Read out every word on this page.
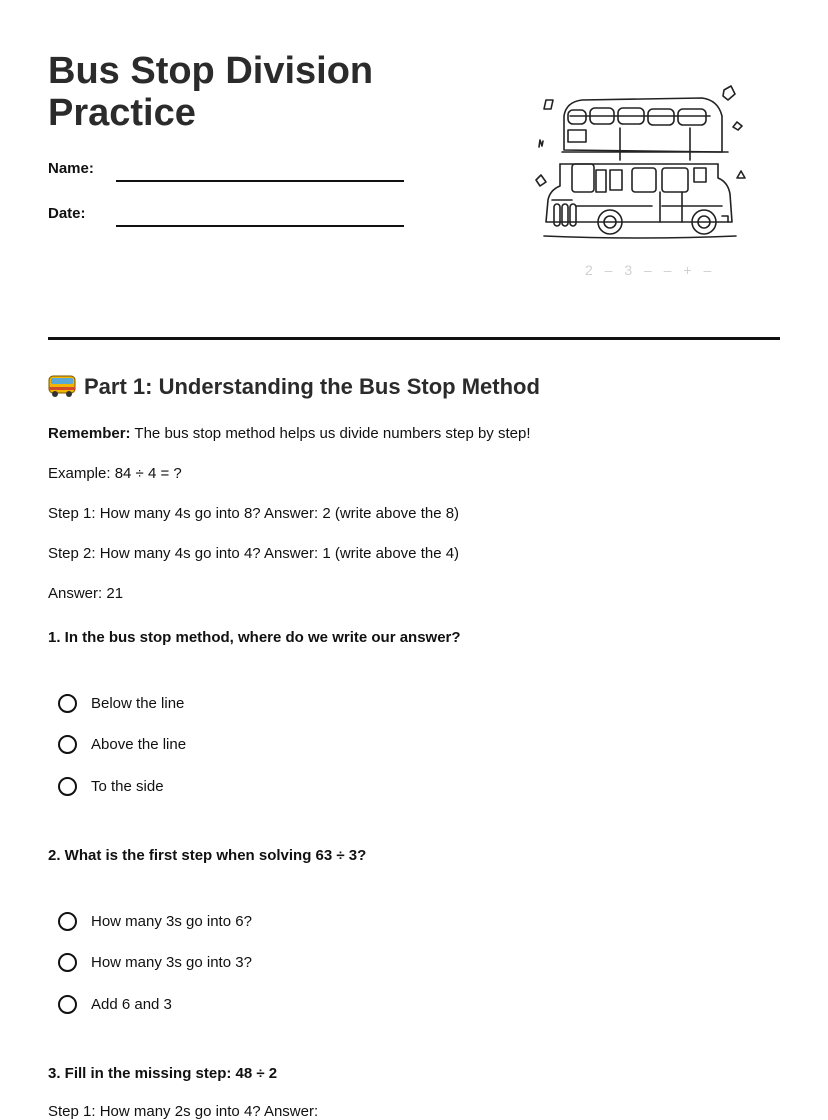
Bus Stop Division Practice
Name:
Date:
2 – 3 – – + –
Part 1: Understanding the Bus Stop Method

Remember: The bus stop method helps us divide numbers step by step!

Example: 84 ÷ 4 = ?

Step 1: How many 4s go into 8? Answer: 2 (write above the 8)

Step 2: How many 4s go into 4? Answer: 1 (write above the 4)

Answer: 21

1. In the bus stop method, where do we write our answer?

Below the line
Above the line
To the side

2. What is the first step when solving 63 ÷ 3?

How many 3s go into 6?
How many 3s go into 3?
Add 6 and 3

3. Fill in the missing step: 48 ÷ 2

Step 1: How many 2s go into 4? Answer:
